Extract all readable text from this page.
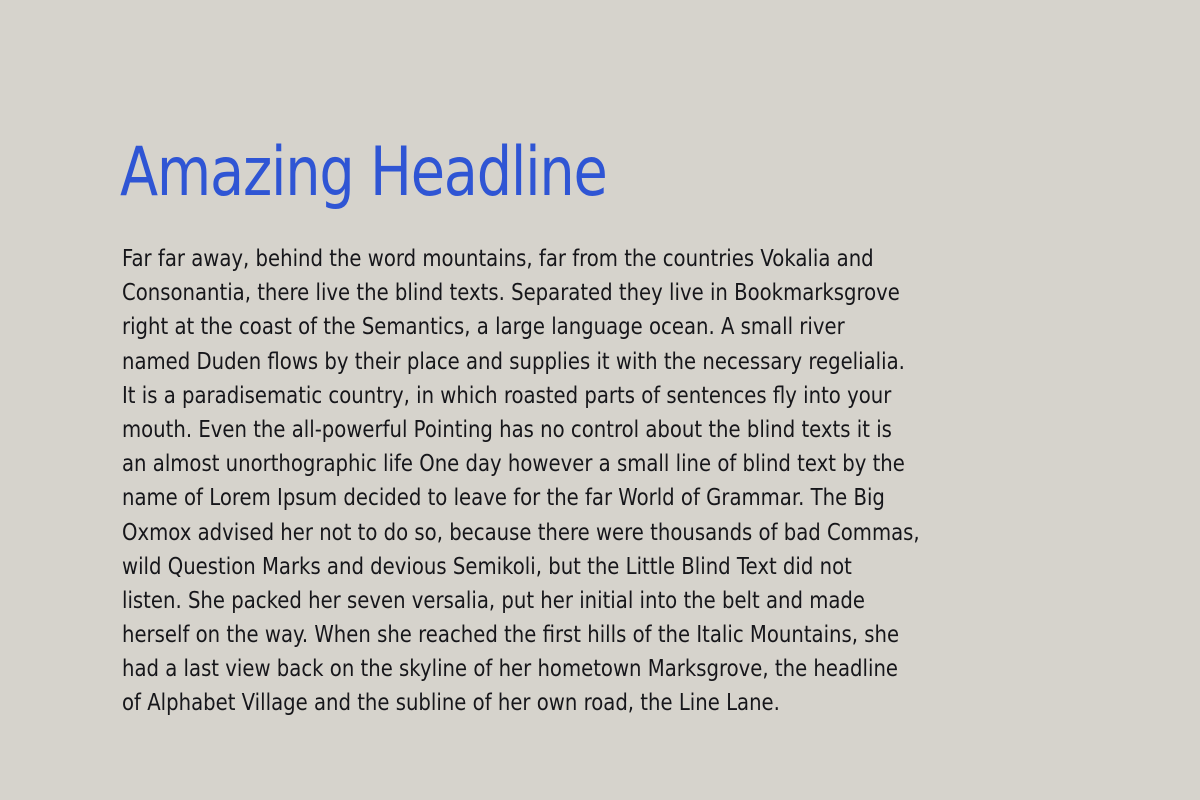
Amazing Headline

Far far away, behind the word mountains, far from the countries Vokalia and
Consonantia, there live the blind texts. Separated they live in Bookmarksgrove
right at the coast of the Semantics, a large language ocean. A small river
named Duden flows by their place and supplies it with the necessary regelialia.
It is a paradisematic country, in which roasted parts of sentences fly into your
mouth. Even the all-powerful Pointing has no control about the blind texts it is
an almost unorthographic life One day however a small line of blind text by the
name of Lorem Ipsum decided to leave for the far World of Grammar. The Big
Oxmox advised her not to do so, because there were thousands of bad Commas,
wild Question Marks and devious Semikoli, but the Little Blind Text did not
listen. She packed her seven versalia, put her initial into the belt and made
herself on the way. When she reached the first hills of the Italic Mountains, she
had a last view back on the skyline of her hometown Marksgrove, the headline
of Alphabet Village and the subline of her own road, the Line Lane.
